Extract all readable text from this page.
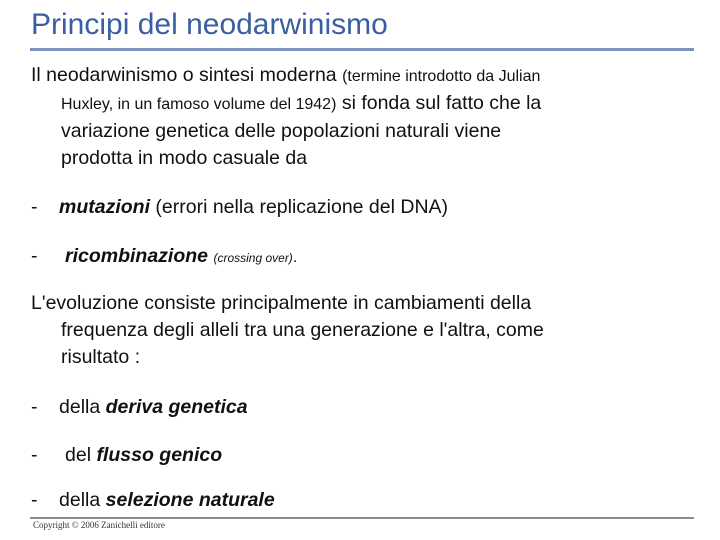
Principi del neodarwinismo
Il neodarwinismo o sintesi moderna (termine introdotto da Julian
Huxley, in un famoso volume del 1942) si fonda sul fatto che la
variazione genetica delle popolazioni naturali viene
prodotta in modo casuale da
- mutazioni (errori nella replicazione del DNA)
- ricombinazione (crossing over).
L'evoluzione consiste principalmente in cambiamenti della
frequenza degli alleli tra una generazione e l'altra, come
risultato :
- della deriva genetica
- del flusso genico
- della selezione naturale
Copyright © 2006 Zanichelli editore
